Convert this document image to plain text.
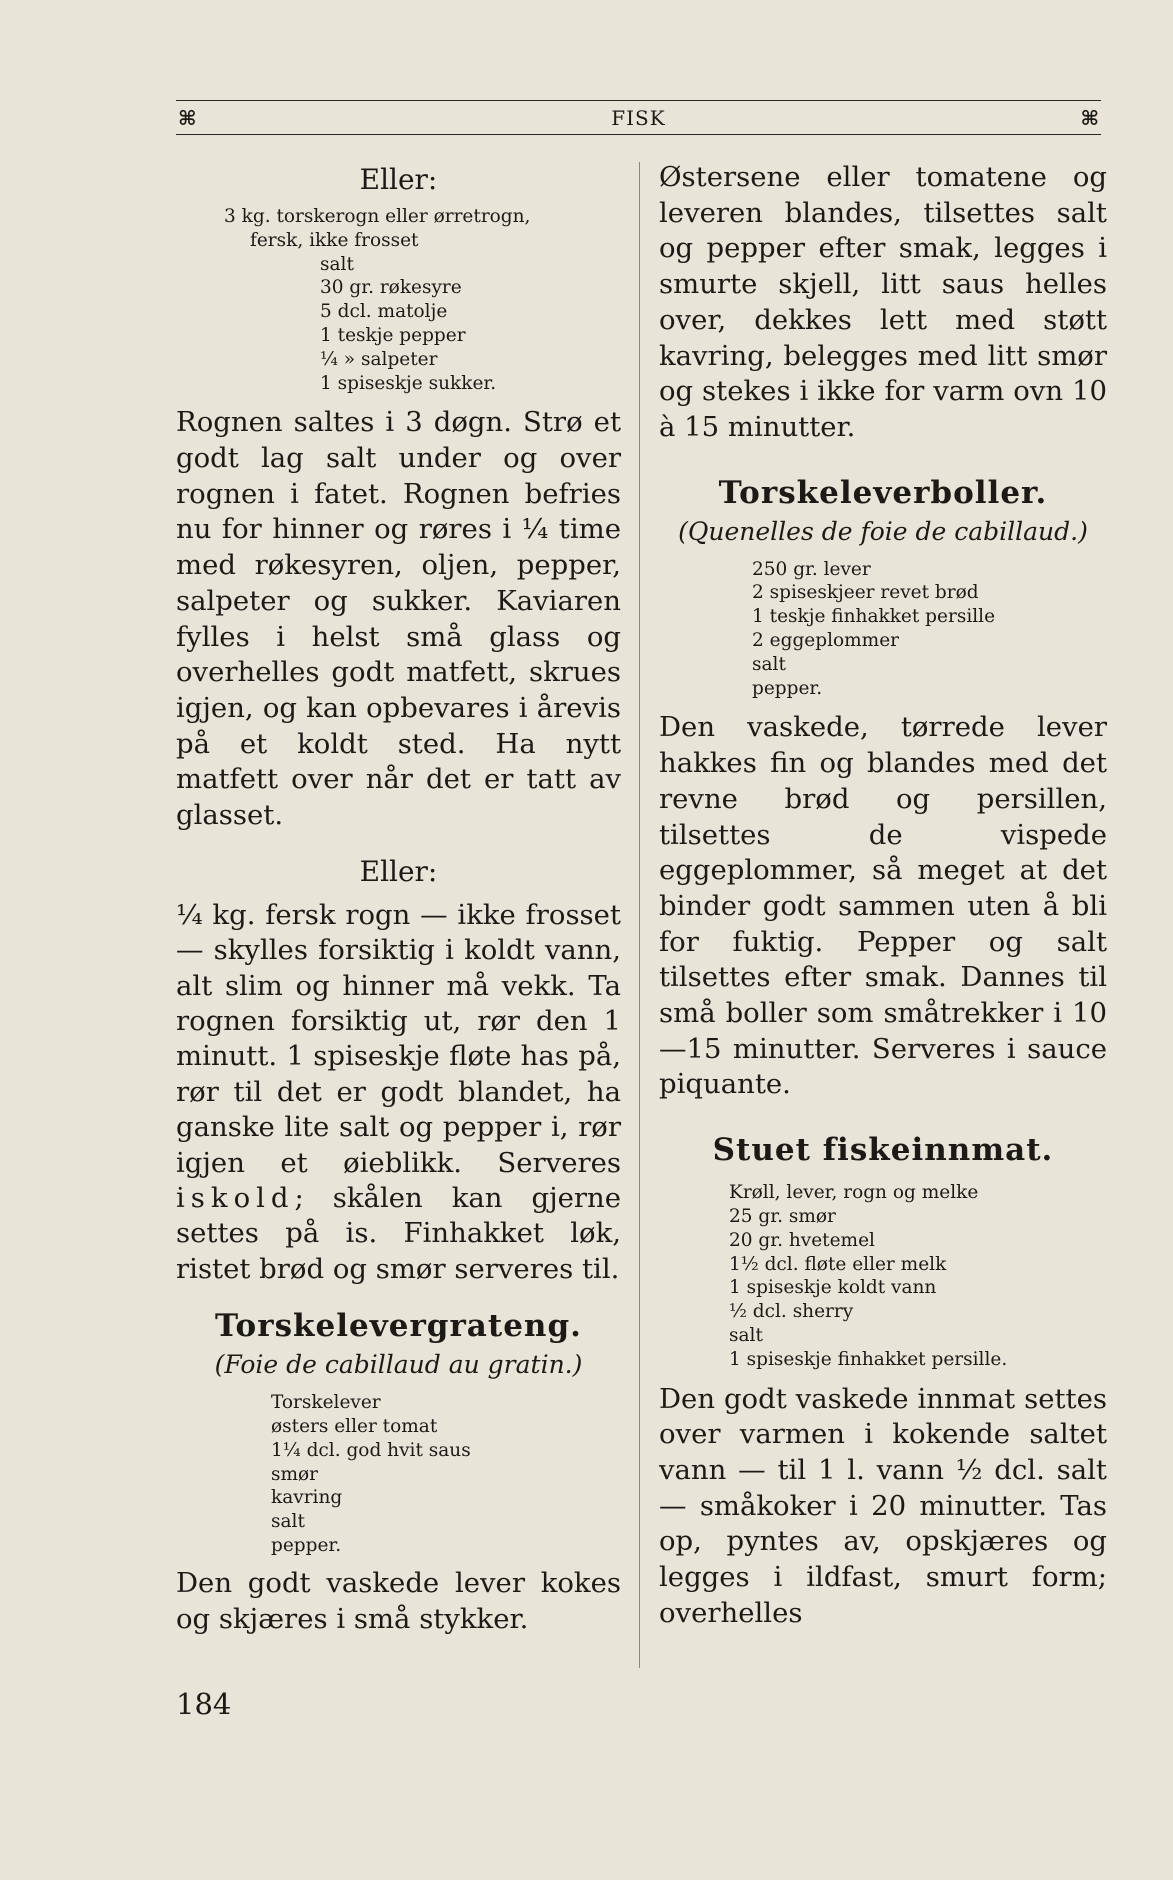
⌘	FISK	⌘

Eller:

3 kg. torskerogn eller ørretrogn,
fersk, ikke frosset
salt
30 gr. røkesyre
5 dcl. matolje
1 teskje pepper
¼ » salpeter
1 spiseskje sukker.

Rognen saltes i 3 døgn. Strø et godt lag salt under og over rognen i fatet. Rognen befries nu for hinner og røres i ¼ time med røkesyren, oljen, pepper, salpeter og sukker. Kaviaren fylles i helst små glass og overhelles godt matfett, skrues igjen, og kan opbevares i årevis på et koldt sted. Ha nytt matfett over når det er tatt av glasset.

Eller:

¼ kg. fersk rogn — ikke frosset — skylles forsiktig i koldt vann, alt slim og hinner må vekk. Ta rognen forsiktig ut, rør den 1 minutt. 1 spiseskje fløte has på, rør til det er godt blandet, ha ganske lite salt og pepper i, rør igjen et øieblikk. Serveres iskold; skålen kan gjerne settes på is. Finhakket løk, ristet brød og smør serveres til.

Torskelevergrateng.

(Foie de cabillaud au gratin.)

Torskelever
østers eller tomat
1¼ dcl. god hvit saus
smør
kavring
salt
pepper.

Den godt vaskede lever kokes og skjæres i små stykker.

Østersene eller tomatene og leveren blandes, tilsettes salt og pepper efter smak, legges i smurte skjell, litt saus helles over, dekkes lett med støtt kavring, belegges med litt smør og stekes i ikke for varm ovn 10 à 15 minutter.

Torskeleverboller.

(Quenelles de foie de cabillaud.)

250 gr. lever
2 spiseskjeer revet brød
1 teskje finhakket persille
2 eggeplommer
salt
pepper.

Den vaskede, tørrede lever hakkes fin og blandes med det revne brød og persillen, tilsettes de vispede eggeplommer, så meget at det binder godt sammen uten å bli for fuktig. Pepper og salt tilsettes efter smak. Dannes til små boller som småtrekker i 10—15 minutter. Serveres i sauce piquante.

Stuet fiskeinnmat.

Krøll, lever, rogn og melke
25 gr. smør
20 gr. hvetemel
1½ dcl. fløte eller melk
1 spiseskje koldt vann
½ dcl. sherry
salt
1 spiseskje finhakket persille.

Den godt vaskede innmat settes over varmen i kokende saltet vann — til 1 l. vann ½ dcl. salt — småkoker i 20 minutter. Tas op, pyntes av, opskjæres og legges i ildfast, smurt form; overhelles

184
